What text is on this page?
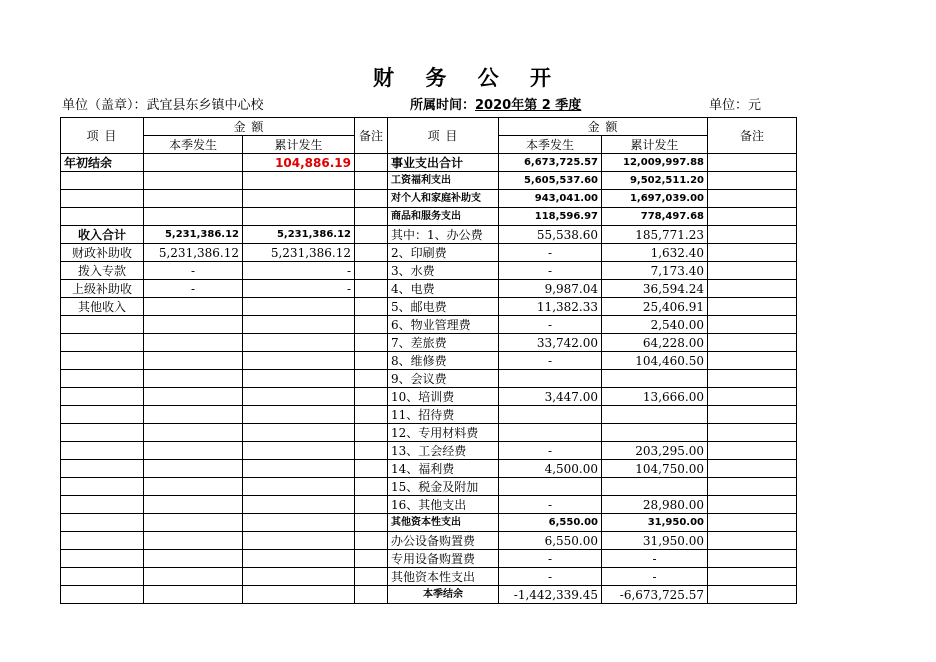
财 务 公 开
单位（盖章）：武宜县东乡镇中心校	所属时间：2020年第 2 季度	单位：元
项 目	金 额		备注	项 目	金 额		备注
	本季发生	累计发生			本季发生	累计发生	
年初结余		104,886.19		事业支出合计	6,673,725.57	12,009,997.88	
				工资福利支出	5,605,537.60	9,502,511.20	
				对个人和家庭补助支	943,041.00	1,697,039.00	
				商品和服务支出	118,596.97	778,497.68	
收入合计	5,231,386.12	5,231,386.12		其中：1、办公费	55,538.60	185,771.23	
财政补助收	5,231,386.12	5,231,386.12		2、印刷费	-	1,632.40	
拨入专款	-	-		3、水费	-	7,173.40	
上级补助收	-	-		4、电费	9,987.04	36,594.24	
其他收入				5、邮电费	11,382.33	25,406.91	
				6、物业管理费	-	2,540.00	
				7、差旅费	33,742.00	64,228.00	
				8、维修费	-	104,460.50	
				9、会议费			
				10、培训费	3,447.00	13,666.00	
				11、招待费			
				12、专用材料费			
				13、工会经费	-	203,295.00	
				14、福利费	4,500.00	104,750.00	
				15、税金及附加			
				16、其他支出	-	28,980.00	
				其他资本性支出	6,550.00	31,950.00	
				办公设备购置费	6,550.00	31,950.00	
				专用设备购置费	-	-	
				其他资本性支出	-	-	
				本季结余	-1,442,339.45	-6,673,725.57	
